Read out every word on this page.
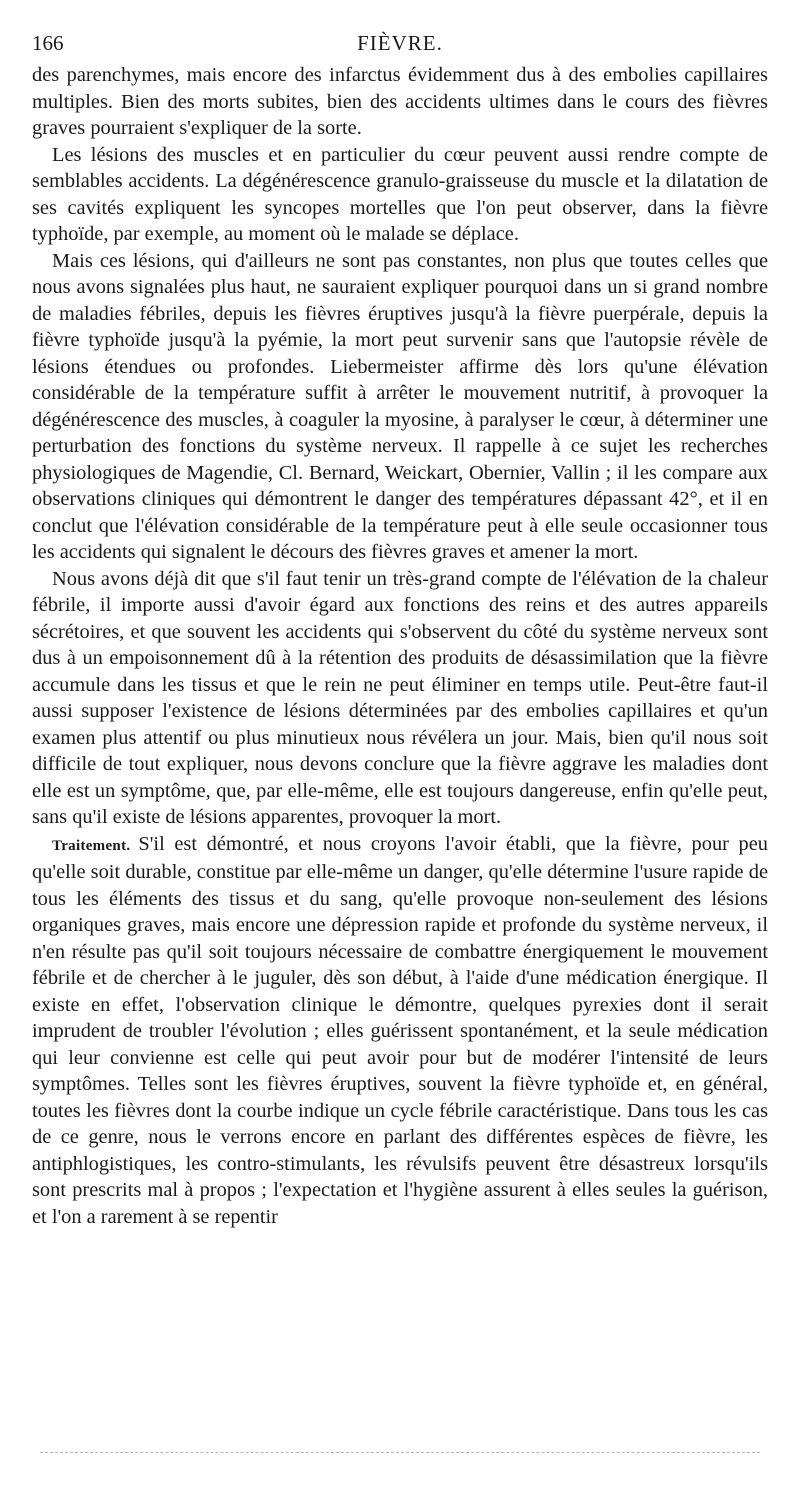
166	FIÈVRE.

des parenchymes, mais encore des infarctus évidemment dus à des embolies capillaires multiples. Bien des morts subites, bien des accidents ultimes dans le cours des fièvres graves pourraient s'expliquer de la sorte.

Les lésions des muscles et en particulier du cœur peuvent aussi rendre compte de semblables accidents. La dégénérescence granulo-graisseuse du muscle et la dilatation de ses cavités expliquent les syncopes mortelles que l'on peut observer, dans la fièvre typhoïde, par exemple, au moment où le malade se déplace.

Mais ces lésions, qui d'ailleurs ne sont pas constantes, non plus que toutes celles que nous avons signalées plus haut, ne sauraient expliquer pourquoi dans un si grand nombre de maladies fébriles, depuis les fièvres éruptives jusqu'à la fièvre puerpérale, depuis la fièvre typhoïde jusqu'à la pyémie, la mort peut survenir sans que l'autopsie révèle de lésions étendues ou profondes. Liebermeister affirme dès lors qu'une élévation considérable de la température suffit à arrêter le mouvement nutritif, à provoquer la dégénérescence des muscles, à coaguler la myosine, à paralyser le cœur, à déterminer une perturbation des fonctions du système nerveux. Il rappelle à ce sujet les recherches physiologiques de Magendie, Cl. Bernard, Weickart, Obernier, Vallin ; il les compare aux observations cliniques qui démontrent le danger des températures dépassant 42°, et il en conclut que l'élévation considérable de la température peut à elle seule occasionner tous les accidents qui signalent le décours des fièvres graves et amener la mort.

Nous avons déjà dit que s'il faut tenir un très-grand compte de l'élévation de la chaleur fébrile, il importe aussi d'avoir égard aux fonctions des reins et des autres appareils sécrétoires, et que souvent les accidents qui s'observent du côté du système nerveux sont dus à un empoisonnement dû à la rétention des produits de désassimilation que la fièvre accumule dans les tissus et que le rein ne peut éliminer en temps utile. Peut-être faut-il aussi supposer l'existence de lésions déterminées par des embolies capillaires et qu'un examen plus attentif ou plus minutieux nous révélera un jour. Mais, bien qu'il nous soit difficile de tout expliquer, nous devons conclure que la fièvre aggrave les maladies dont elle est un symptôme, que, par elle-même, elle est toujours dangereuse, enfin qu'elle peut, sans qu'il existe de lésions apparentes, provoquer la mort.

Traitement. S'il est démontré, et nous croyons l'avoir établi, que la fièvre, pour peu qu'elle soit durable, constitue par elle-même un danger, qu'elle détermine l'usure rapide de tous les éléments des tissus et du sang, qu'elle provoque non-seulement des lésions organiques graves, mais encore une dépression rapide et profonde du système nerveux, il n'en résulte pas qu'il soit toujours nécessaire de combattre énergiquement le mouvement fébrile et de chercher à le juguler, dès son début, à l'aide d'une médication énergique. Il existe en effet, l'observation clinique le démontre, quelques pyrexies dont il serait imprudent de troubler l'évolution ; elles guérissent spontanément, et la seule médication qui leur convienne est celle qui peut avoir pour but de modérer l'intensité de leurs symptômes. Telles sont les fièvres éruptives, souvent la fièvre typhoïde et, en général, toutes les fièvres dont la courbe indique un cycle fébrile caractéristique. Dans tous les cas de ce genre, nous le verrons encore en parlant des différentes espèces de fièvre, les antiphlogistiques, les contro-stimulants, les révulsifs peuvent être désastreux lorsqu'ils sont prescrits mal à propos ; l'expectation et l'hygiène assurent à elles seules la guérison, et l'on a rarement à se repentir
